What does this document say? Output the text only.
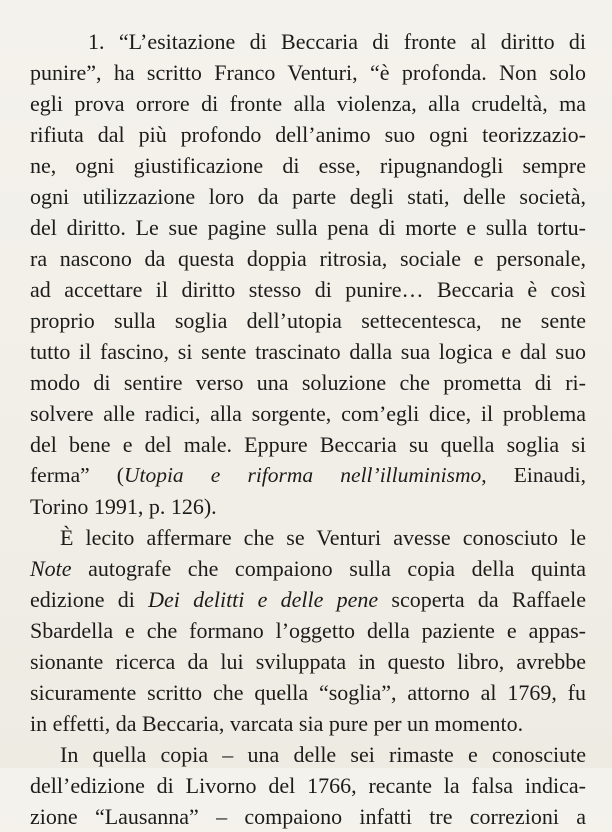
1. “L’esitazione di Beccaria di fronte al diritto di
punire”, ha scritto Franco Venturi, “è profonda. Non solo
egli prova orrore di fronte alla violenza, alla crudeltà, ma
rifiuta dal più profondo dell’animo suo ogni teorizzazio-
ne, ogni giustificazione di esse, ripugnandogli sempre
ogni utilizzazione loro da parte degli stati, delle società,
del diritto. Le sue pagine sulla pena di morte e sulla tortu-
ra nascono da questa doppia ritrosia, sociale e personale,
ad accettare il diritto stesso di punire… Beccaria è così
proprio sulla soglia dell’utopia settecentesca, ne sente
tutto il fascino, si sente trascinato dalla sua logica e dal suo
modo di sentire verso una soluzione che prometta di ri-
solvere alle radici, alla sorgente, com’egli dice, il problema
del bene e del male. Eppure Beccaria su quella soglia si
ferma” (Utopia e riforma nell’illuminismo, Einaudi,
Torino 1991, p. 126).
È lecito affermare che se Venturi avesse conosciuto le
Note autografe che compaiono sulla copia della quinta
edizione di Dei delitti e delle pene scoperta da Raffaele
Sbardella e che formano l’oggetto della paziente e appas-
sionante ricerca da lui sviluppata in questo libro, avrebbe
sicuramente scritto che quella “soglia”, attorno al 1769, fu
in effetti, da Beccaria, varcata sia pure per un momento.
In quella copia – una delle sei rimaste e conosciute
dell’edizione di Livorno del 1766, recante la falsa indica-
zione “Lausanna” – compaiono infatti tre correzioni a
